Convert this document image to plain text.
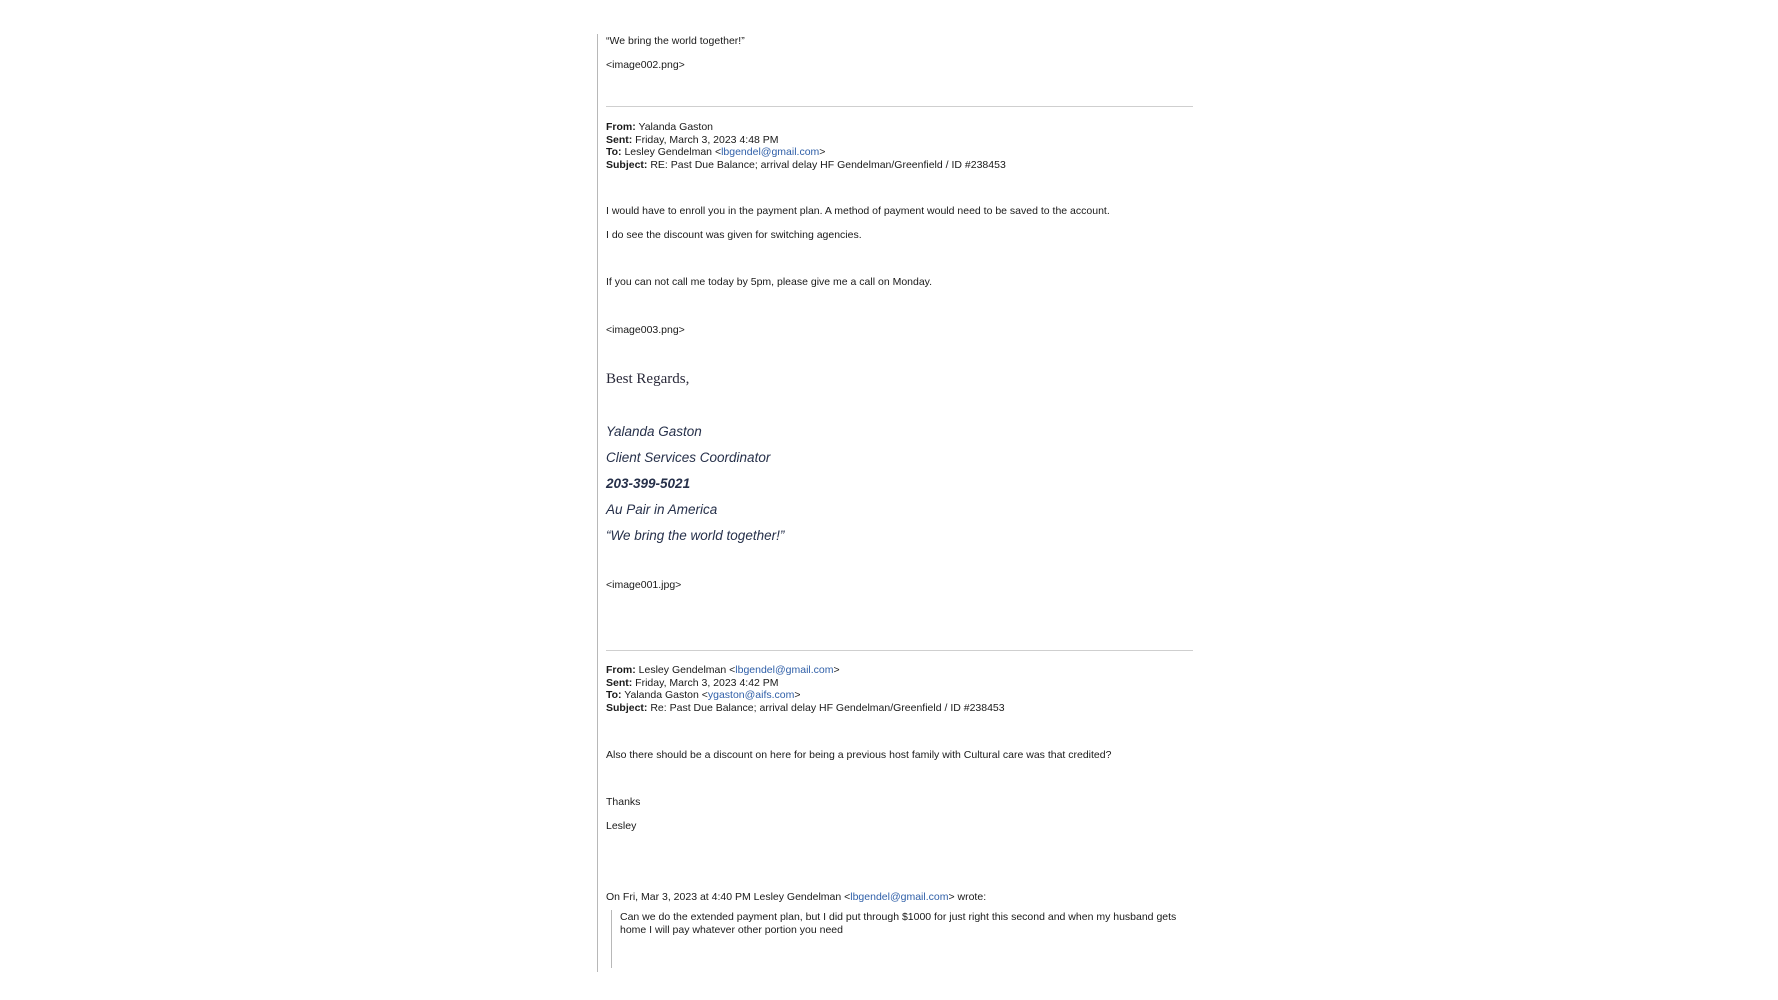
“We bring the world together!”
<image002.png>
From: Yalanda Gaston
Sent: Friday, March 3, 2023 4:48 PM
To: Lesley Gendelman <lbgendel@gmail.com>
Subject: RE: Past Due Balance; arrival delay HF Gendelman/Greenfield / ID #238453
I would have to enroll you in the payment plan. A method of payment would need to be saved to the account.
I do see the discount was given for switching agencies.
If you can not call me today by 5pm, please give me a call on Monday.
<image003.png>
Best Regards,
Yalanda Gaston
Client Services Coordinator
203-399-5021
Au Pair in America
“We bring the world together!”
<image001.jpg>
From: Lesley Gendelman <lbgendel@gmail.com>
Sent: Friday, March 3, 2023 4:42 PM
To: Yalanda Gaston <ygaston@aifs.com>
Subject: Re: Past Due Balance; arrival delay HF Gendelman/Greenfield / ID #238453
Also there should be a discount on here for being a previous host family with Cultural care was that credited?
Thanks
Lesley
On Fri, Mar 3, 2023 at 4:40 PM Lesley Gendelman <lbgendel@gmail.com> wrote:
Can we do the extended payment plan, but I did put through $1000 for just right this second and when my husband gets home I will pay whatever other portion you need
